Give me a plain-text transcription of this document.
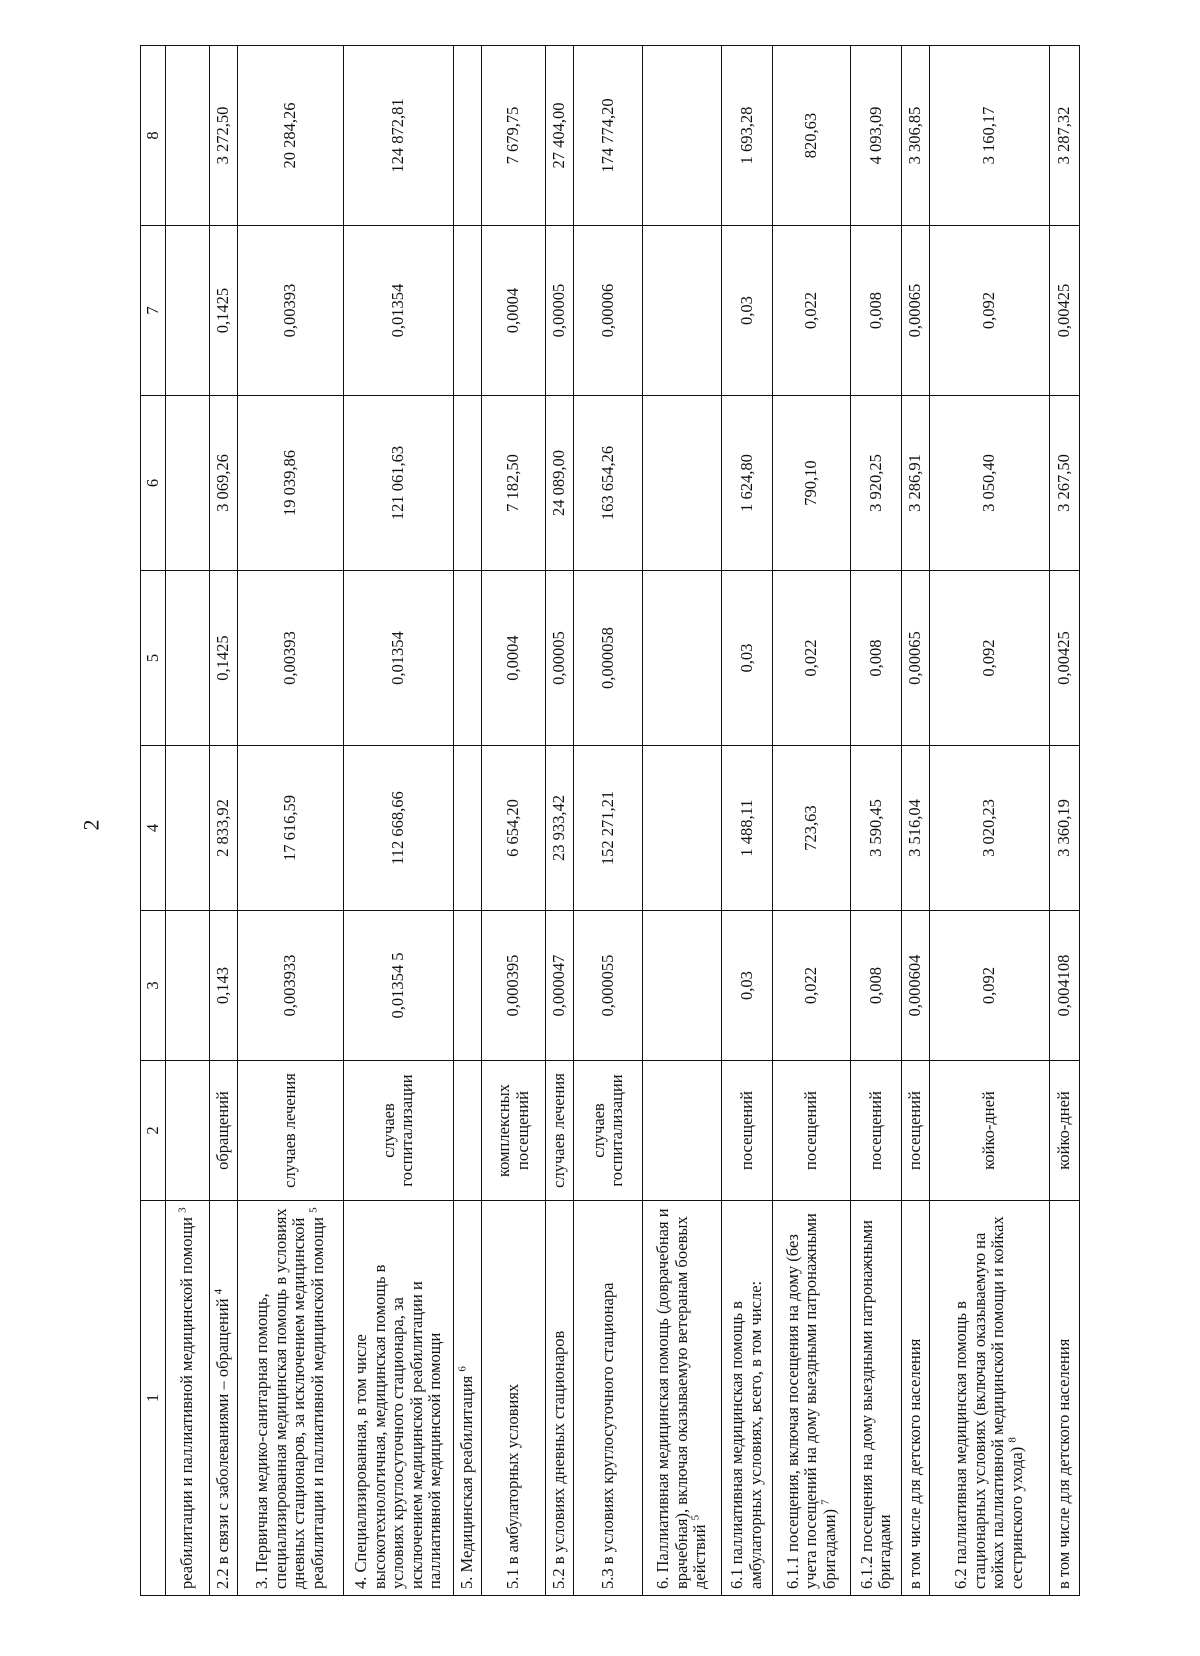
2
1	2	3	4	5	6	7	8
реабилитации и паллиативной медицинской помощи $^3$							
2.2 в связи с заболеваниями – обращений $^4$	обращений	0,143	2 833,92	0,1425	3 069,26	0,1425	3 272,50
3. Первичная медико-санитарная помощь, специализированная медицинская помощь в условиях дневных стационаров, за исключением медицинской реабилитации и паллиативной медицинской помощи $^5$	случаев лечения	0,003933	17 616,59	0,00393	19 039,86	0,00393	20 284,26
4. Специализированная, в том числе высокотехнологичная, медицинская помощь в условиях круглосуточного стационара, за исключением медицинской реабилитации и паллиативной медицинской помощи	случаев госпитализации	0,01354 5	112 668,66	0,01354	121 061,63	0,01354	124 872,81
5. Медицинская реабилитация $^6$							
5.1 в амбулаторных условиях	комплексных посещений	0,000395	6 654,20	0,0004	7 182,50	0,0004	7 679,75
5.2 в условиях дневных стационаров	случаев лечения	0,000047	23 933,42	0,00005	24 089,00	0,00005	27 404,00
5.3 в условиях круглосуточного стационара	случаев госпитализации	0,000055	152 271,21	0,000058	163 654,26	0,00006	174 774,20
6. Паллиативная медицинская помощь (доврачебная и врачебная), включая оказываемую ветеранам боевых действий $^5$							
6.1 паллиативная медицинская помощь в амбулаторных условиях, всего, в том числе:	посещений	0,03	1 488,11	0,03	1 624,80	0,03	1 693,28
6.1.1 посещения, включая посещения на дому (без учета посещений на дому выездными патронажными бригадами) $^7$	посещений	0,022	723,63	0,022	790,10	0,022	820,63
6.1.2 посещения на дому выездными патронажными бригадами	посещений	0,008	3 590,45	0,008	3 920,25	0,008	4 093,09
в том числе для детского населения	посещений	0,000604	3 516,04	0,00065	3 286,91	0,00065	3 306,85
6.2 паллиативная медицинская помощь в стационарных условиях (включая оказываемую на койках паллиативной медицинской помощи и койках сестринского ухода) $^8$	койко-дней	0,092	3 020,23	0,092	3 050,40	0,092	3 160,17
в том числе для детского населения	койко-дней	0,004108	3 360,19	0,00425	3 267,50	0,00425	3 287,32
